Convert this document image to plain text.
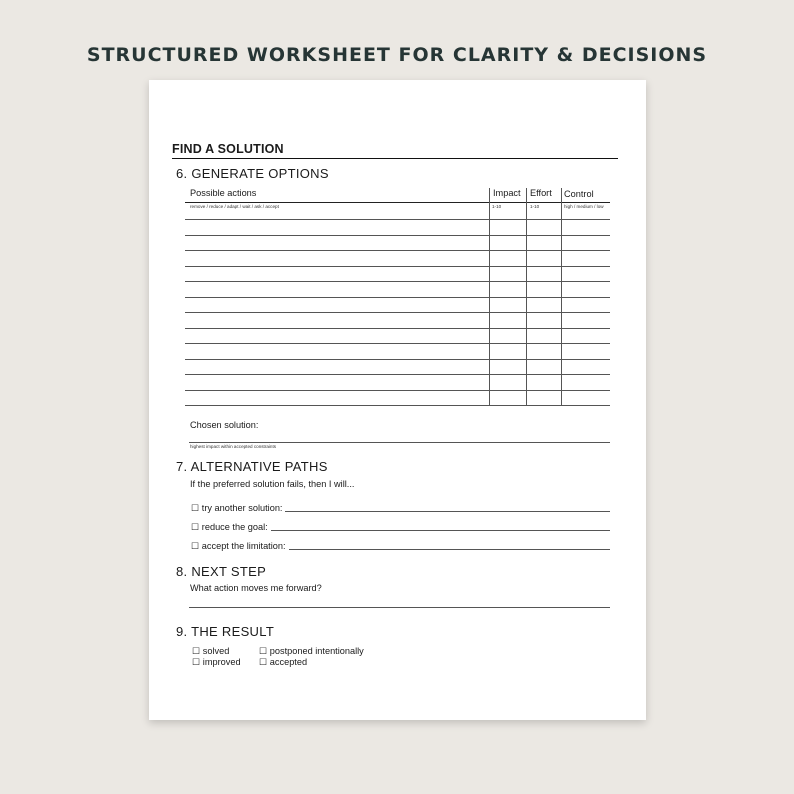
STRUCTURED WORKSHEET FOR CLARITY & DECISIONS
FIND A SOLUTION
6. GENERATE OPTIONS
Possible actions	Impact Effort Control
remove / reduce / adapt / wait / ask / accept	1-10	1-10	high / medium / low
Chosen solution:
highest impact within accepted constraints
7. ALTERNATIVE PATHS
If the preferred solution fails, then I will...
☐ try another solution:
☐ reduce the goal:
☐ accept the limitation:
8. NEXT STEP
What action moves me forward?
9. THE RESULT
☐ solved
☐ improved
☐ postponed intentionally
☐ accepted
